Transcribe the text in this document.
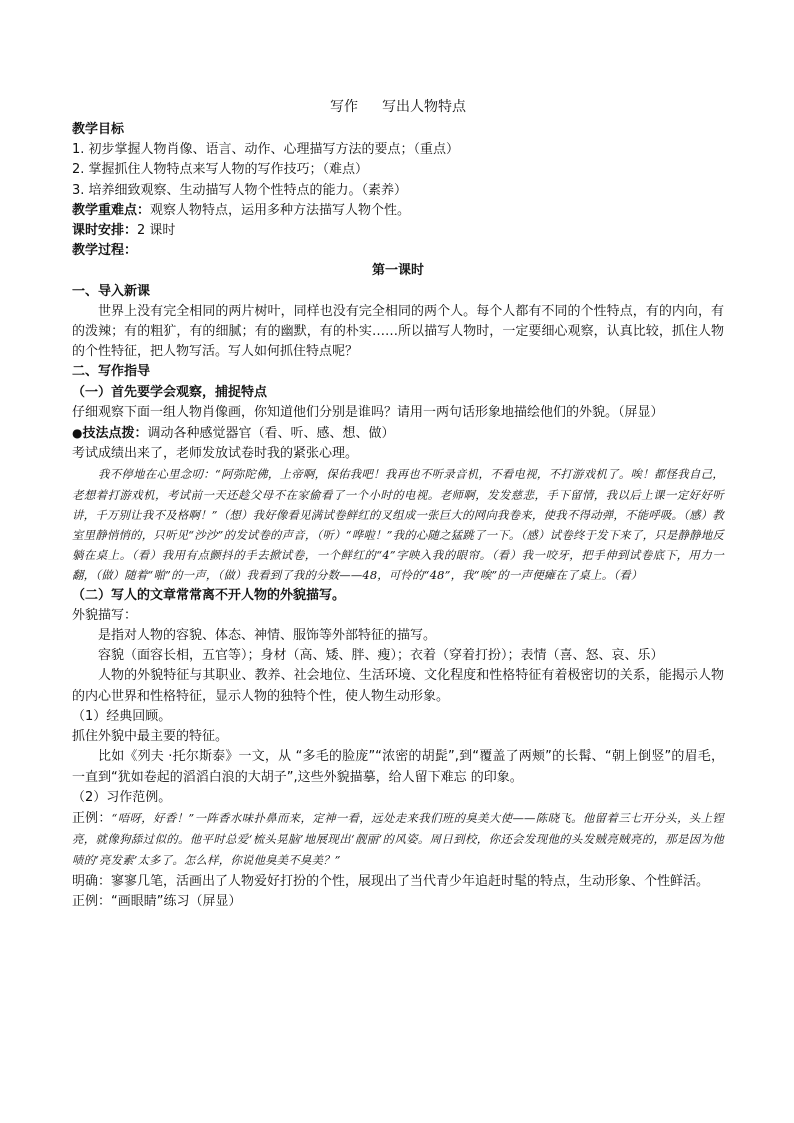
写作 写出人物特点

教学目标

1. 初步掌握人物肖像、语言、动作、心理描写方法的要点；（重点）

2. 掌握抓住人物特点来写人物的写作技巧；（难点）

3. 培养细致观察、生动描写人物个性特点的能力。（素养）

教学重难点：观察人物特点，运用多种方法描写人物个性。

课时安排：2 课时

教学过程：

第一课时

一、导入新课

世界上没有完全相同的两片树叶，同样也没有完全相同的两个人。每个人都有不同的个性特点，有的内向，有的泼辣；有的粗犷，有的细腻；有的幽默，有的朴实……所以描写人物时，一定要细心观察，认真比较，抓住人物的个性特征，把人物写活。写人如何抓住特点呢？

二、写作指导

（一）首先要学会观察，捕捉特点

仔细观察下面一组人物肖像画，你知道他们分别是谁吗？请用一两句话形象地描绘他们的外貌。（屏显）

●技法点拨：调动各种感觉器官（看、听、感、想、做）

考试成绩出来了，老师发放试卷时我的紧张心理。

我不停地在心里念叨：“阿弥陀佛，上帝啊，保佑我吧！我再也不听录音机，不看电视，不打游戏机了。唉！都怪我自己，老想着打游戏机，考试前一天还趁父母不在家偷看了一个小时的电视。老师啊，发发慈悲，手下留情，我以后上课一定好好听讲，千万别让我不及格啊！”（想）我好像看见满试卷鲜红的叉组成一张巨大的网向我卷来，使我不得动弹，不能呼吸。（感）教室里静悄悄的，只听见“沙沙”的发试卷的声音，（听）“哗啦！”我的心随之猛跳了一下。（感）试卷终于发下来了，只是静静地反躺在桌上。（看）我用有点颤抖的手去掀试卷，一个鲜红的“4”字映入我的眼帘。（看）我一咬牙，把手伸到试卷底下，用力一翻，（做）随着“啪”的一声，（做）我看到了我的分数——48，可怜的“48”，我“唉”的一声便瘫在了桌上。（看）

（二）写人的文章常常离不开人物的外貌描写。

外貌描写：

是指对人物的容貌、体态、神情、服饰等外部特征的描写。

容貌（面容长相，五官等）；身材（高、矮、胖、瘦）；衣着（穿着打扮）；表情（喜、怒、哀、乐）

人物的外貌特征与其职业、教养、社会地位、生活环境、文化程度和性格特征有着极密切的关系，能揭示人物的内心世界和性格特征，显示人物的独特个性，使人物生动形象。

（1）经典回顾。

抓住外貌中最主要的特征。

比如《列夫 ·托尔斯泰》一文，从 “多毛的脸庞”“浓密的胡髭”,到“覆盖了两颊”的长髯、“朝上倒竖”的眉毛， 一直到“犹如卷起的滔滔白浪的大胡子”,这些外貌描摹，给人留下难忘 的印象。

（2）习作范例。

正例：“唔呀，好香！”一阵香水味扑鼻而来，定神一看，远处走来我们班的臭美大使——陈晓飞。他留着三七开分头，头上锃亮，就像狗舔过似的。他平时总爱‘梳头晃脑’地展现出‘靓丽’的风姿。周日到校，你还会发现他的头发贼亮贼亮的，那是因为他啧的‘亮发素’太多了。怎么样，你说他臭美不臭美？”

明确：寥寥几笔，活画出了人物爱好打扮的个性，展现出了当代青少年追赶时髦的特点，生动形象、个性鲜活。

正例：“画眼睛”练习（屏显）
